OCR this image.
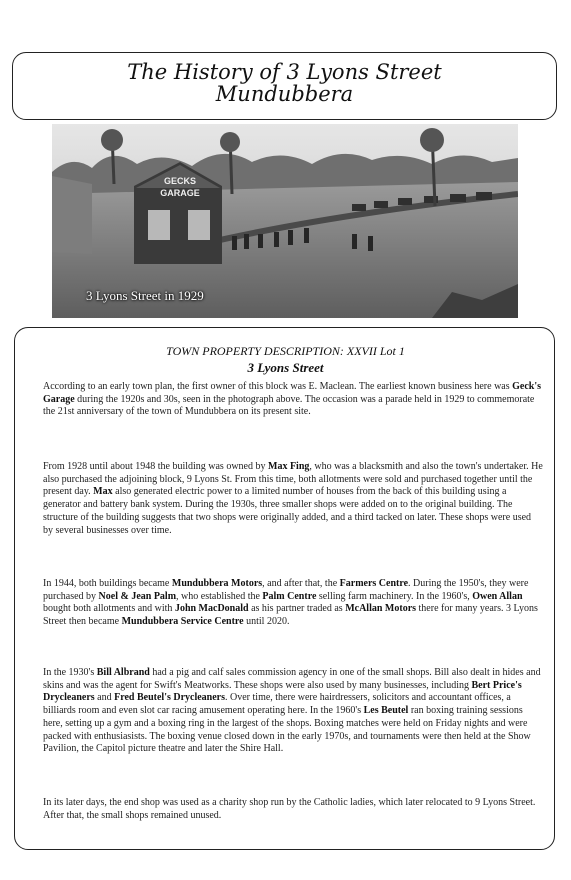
The History of 3 Lyons Street
Mundubbera
GECKS
GARAGE
3 Lyons Street in 1929
TOWN PROPERTY DESCRIPTION: XXVII Lot 1
3 Lyons Street

According to an early town plan, the first owner of this block was E. Maclean. The earliest known business here was Geck's Garage during the 1920s and 30s, seen in the photograph above. The occasion was a parade held in 1929 to commemorate the 21st anniversary of the town of Mundubbera on its present site.

From 1928 until about 1948 the building was owned by Max Fing, who was a blacksmith and also the town's undertaker. He also purchased the adjoining block, 9 Lyons St. From this time, both allotments were sold and purchased together until the present day. Max also generated electric power to a limited number of houses from the back of this building using a generator and battery bank system. During the 1930s, three smaller shops were added on to the original building. The structure of the building suggests that two shops were originally added, and a third tacked on later. These shops were used by several businesses over time.

In 1944, both buildings became Mundubbera Motors, and after that, the Farmers Centre. During the 1950's, they were purchased by Noel & Jean Palm, who established the Palm Centre selling farm machinery. In the 1960's, Owen Allan bought both allotments and with John MacDonald as his partner traded as McAllan Motors there for many years. 3 Lyons Street then became Mundubbera Service Centre until 2020.

In the 1930's Bill Albrand had a pig and calf sales commission agency in one of the small shops. Bill also dealt in hides and skins and was the agent for Swift's Meatworks. These shops were also used by many businesses, including Bert Price's Drycleaners and Fred Beutel's Drycleaners. Over time, there were hairdressers, solicitors and accountant offices, a billiards room and even slot car racing amusement operating here. In the 1960's Les Beutel ran boxing training sessions here, setting up a gym and a boxing ring in the largest of the shops. Boxing matches were held on Friday nights and were packed with enthusiasists. The boxing venue closed down in the early 1970s, and tournaments were then held at the Show Pavilion, the Capitol picture theatre and later the Shire Hall.

In its later days, the end shop was used as a charity shop run by the Catholic ladies, which later relocated to 9 Lyons Street. After that, the small shops remained unused.
